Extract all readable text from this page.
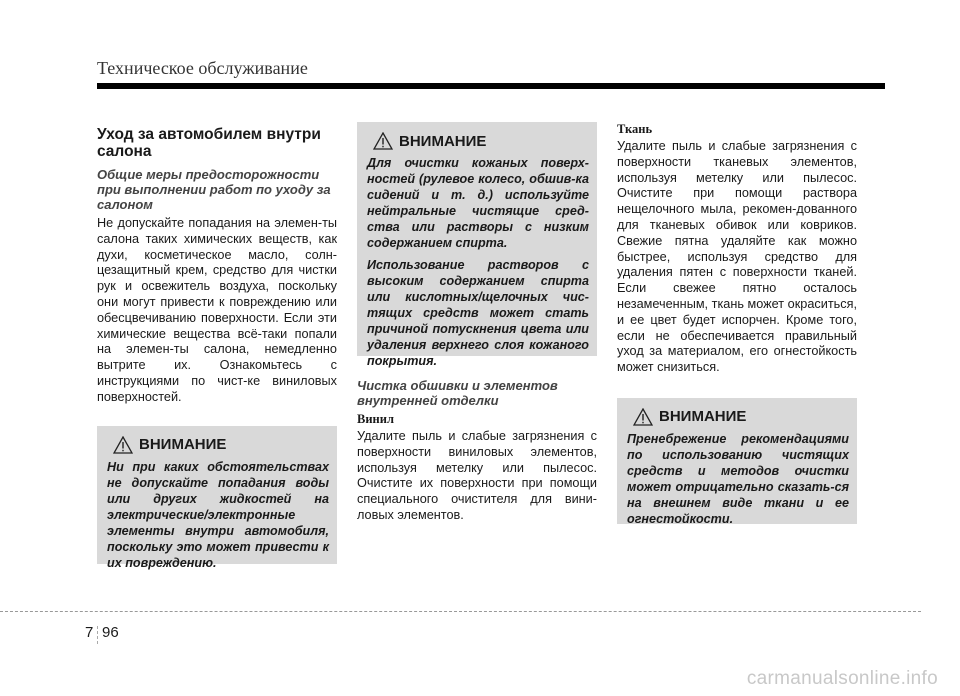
Техническое обслуживание
Уход за автомобилем внутри салона
Общие меры предосторожности при выполнении работ по уходу за салоном

Не допускайте попадания на элемен-ты салона таких химических веществ, как духи, косметическое масло, солн-цезащитный крем, средство для чистки рук и освежитель воздуха, поскольку они могут привести к повреждению или обесцвечиванию поверхности. Если эти химические вещества всё-таки попали на элемен-ты салона, немедленно вытрите их. Ознакомьтесь с инструкциями по чист-ке виниловых поверхностей.

ВНИМАНИЕ

Ни при каких обстоятельствах не допускайте попадания воды или других жидкостей на электрические/электронные элементы внутри автомобиля, поскольку это может привести к их повреждению.

ВНИМАНИЕ

Для очистки кожаных поверх-ностей (рулевое колесо, обшив-ка сидений и т. д.) используйте нейтральные чистящие сред-ства или растворы с низким содержанием спирта.

Использование растворов с высоким содержанием спирта или кислотных/щелочных чис-тящих средств может стать причиной потускнения цвета или удаления верхнего слоя кожаного покрытия.

Чистка обшивки и элементов внутренней отделки
Винил

Удалите пыль и слабые загрязнения с поверхности виниловых элементов, используя метелку или пылесос. Очистите их поверхности при помощи специального очистителя для вини-ловых элементов.

Ткань

Удалите пыль и слабые загрязнения с поверхности тканевых элементов, используя метелку или пылесос. Очистите при помощи раствора нещелочного мыла, рекомен-дованного для тканевых обивок или ковриков. Свежие пятна удаляйте как можно быстрее, используя средство для удаления пятен с поверхности тканей. Если свежее пятно осталось незамеченным, ткань может окраситься, и ее цвет будет испорчен. Кроме того, если не обеспечивается правильный уход за материалом, его огнестойкость может снизиться.

ВНИМАНИЕ

Пренебрежение рекомендациями по использованию чистящих средств и методов очистки может отрицательно сказать-ся на внешнем виде ткани и ее огнестойкости.

7 96
carmanualsonline.info
